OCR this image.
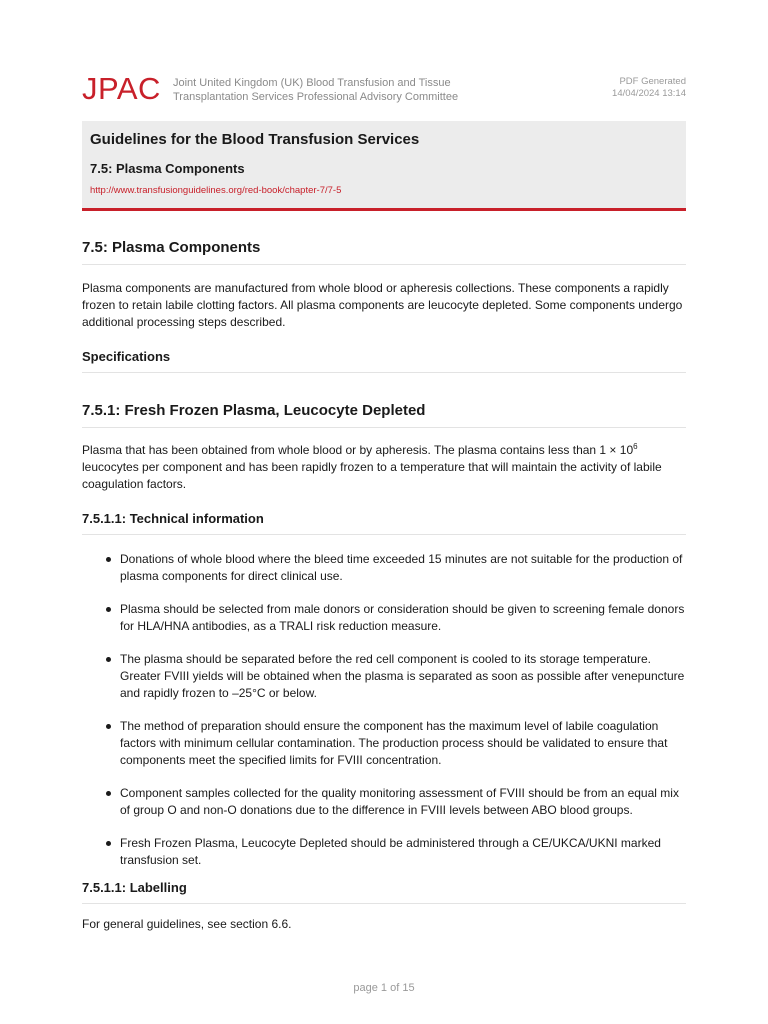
JPAC Joint United Kingdom (UK) Blood Transfusion and Tissue
Transplantation Services Professional Advisory Committee
PDF Generated
14/04/2024 13:14
Guidelines for the Blood Transfusion Services
7.5: Plasma Components
http://www.transfusionguidelines.org/red-book/chapter-7/7-5
7.5: Plasma Components

Plasma components are manufactured from whole blood or apheresis collections. These components a rapidly frozen to retain labile clotting factors. All plasma components are leucocyte depleted. Some components undergo additional processing steps described.

Specifications
7.5.1: Fresh Frozen Plasma, Leucocyte Depleted

Plasma that has been obtained from whole blood or by apheresis. The plasma contains less than $1 \times 10^6$ leucocytes per component and has been rapidly frozen to a temperature that will maintain the activity of labile coagulation factors.

7.5.1.1: Technical information
Donations of whole blood where the bleed time exceeded 15 minutes are not suitable for the production of plasma components for direct clinical use.
Plasma should be selected from male donors or consideration should be given to screening female donors for HLA/HNA antibodies, as a TRALI risk reduction measure.
The plasma should be separated before the red cell component is cooled to its storage temperature. Greater FVIII yields will be obtained when the plasma is separated as soon as possible after venepuncture and rapidly frozen to –25°C or below.
The method of preparation should ensure the component has the maximum level of labile coagulation factors with minimum cellular contamination. The production process should be validated to ensure that components meet the specified limits for FVIII concentration.
Component samples collected for the quality monitoring assessment of FVIII should be from an equal mix of group O and non-O donations due to the difference in FVIII levels between ABO blood groups.
Fresh Frozen Plasma, Leucocyte Depleted should be administered through a CE/UKCA/UKNI marked transfusion set.
7.5.1.1: Labelling

For general guidelines, see section 6.6.

page 1 of 15
